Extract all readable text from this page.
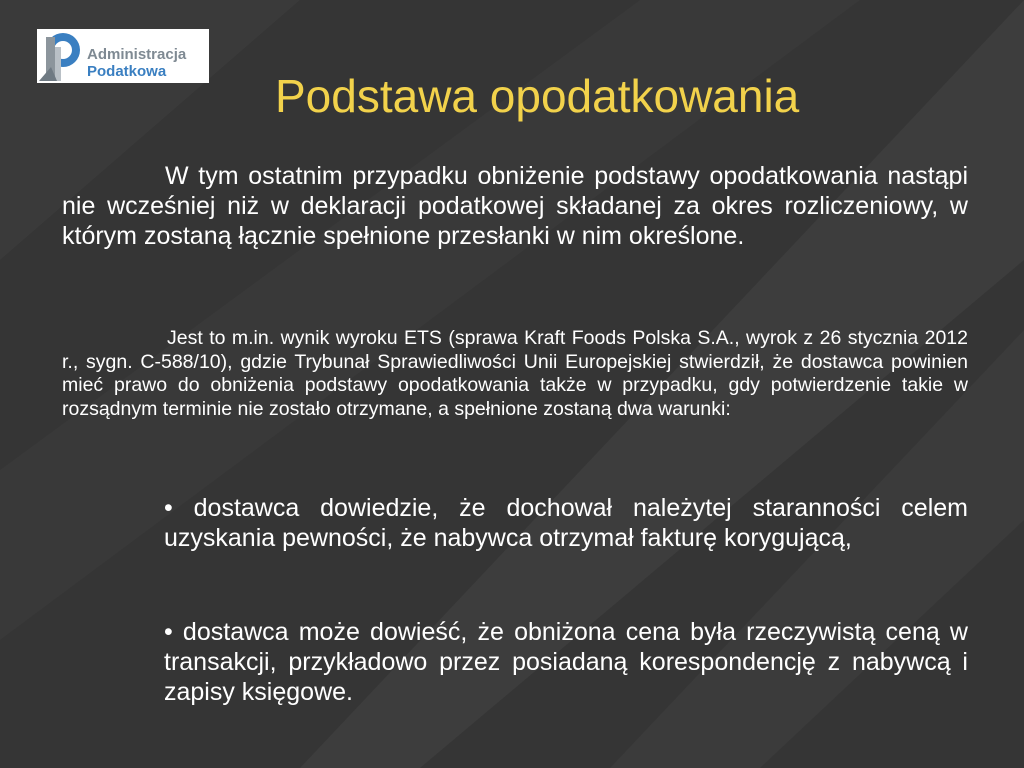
Administracja
Podatkowa Podstawa opodatkowania
W tym ostatnim przypadku obniżenie podstawy opodatkowania nastąpi nie wcześniej niż w deklaracji podatkowej składanej za okres rozliczeniowy, w którym zostaną łącznie spełnione przesłanki w nim określone.
Jest to m.in. wynik wyroku ETS (sprawa Kraft Foods Polska S.A., wyrok z 26 stycznia 2012 r., sygn. C-588/10), gdzie Trybunał Sprawiedliwości Unii Europejskiej stwierdził, że dostawca powinien mieć prawo do obniżenia podstawy opodatkowania także w przypadku, gdy potwierdzenie takie w rozsądnym terminie nie zostało otrzymane, a spełnione zostaną dwa warunki:
• dostawca dowiedzie, że dochował należytej staranności celem uzyskania pewności, że nabywca otrzymał fakturę korygującą,
• dostawca może dowieść, że obniżona cena była rzeczywistą ceną w transakcji, przykładowo przez posiadaną korespondencję z nabywcą i zapisy księgowe.
